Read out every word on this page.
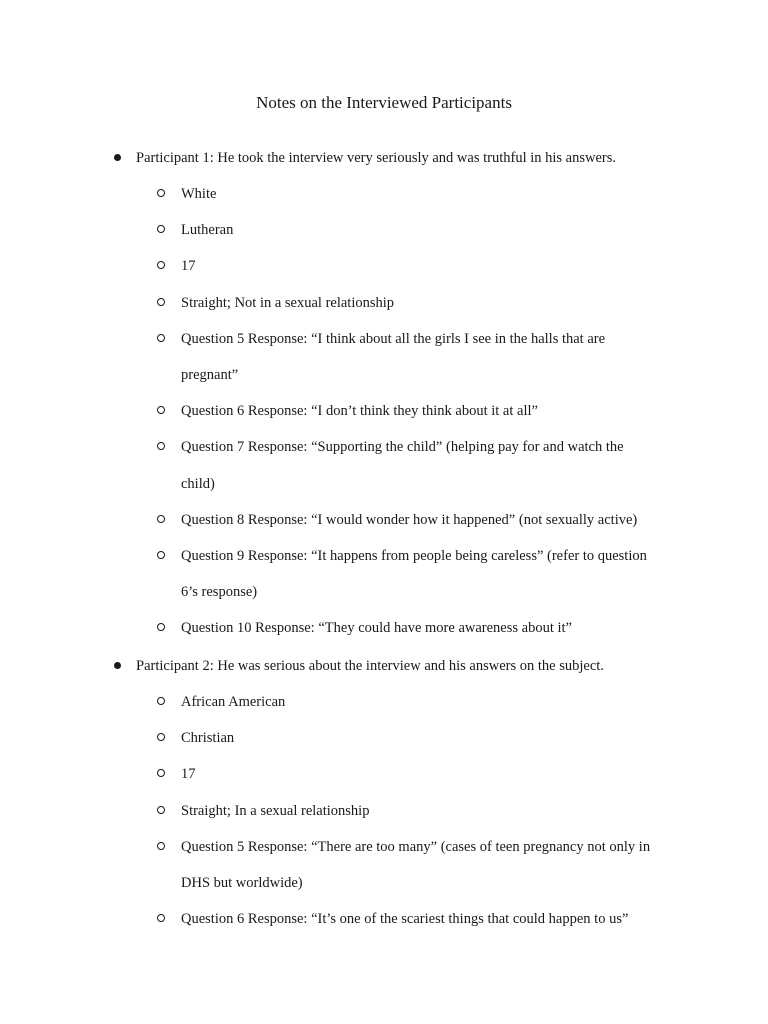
Notes on the Interviewed Participants
Participant 1: He took the interview very seriously and was truthful in his answers.
White
Lutheran
17
Straight; Not in a sexual relationship
Question 5 Response: “I think about all the girls I see in the halls that are
pregnant”
Question 6 Response: “I don’t think they think about it at all”
Question 7 Response: “Supporting the child” (helping pay for and watch the
child)
Question 8 Response: “I would wonder how it happened” (not sexually active)
Question 9 Response: “It happens from people being careless” (refer to question
6’s response)
Question 10 Response: “They could have more awareness about it”
Participant 2: He was serious about the interview and his answers on the subject.
African American
Christian
17
Straight; In a sexual relationship
Question 5 Response: “There are too many” (cases of teen pregnancy not only in
DHS but worldwide)
Question 6 Response: “It’s one of the scariest things that could happen to us”
